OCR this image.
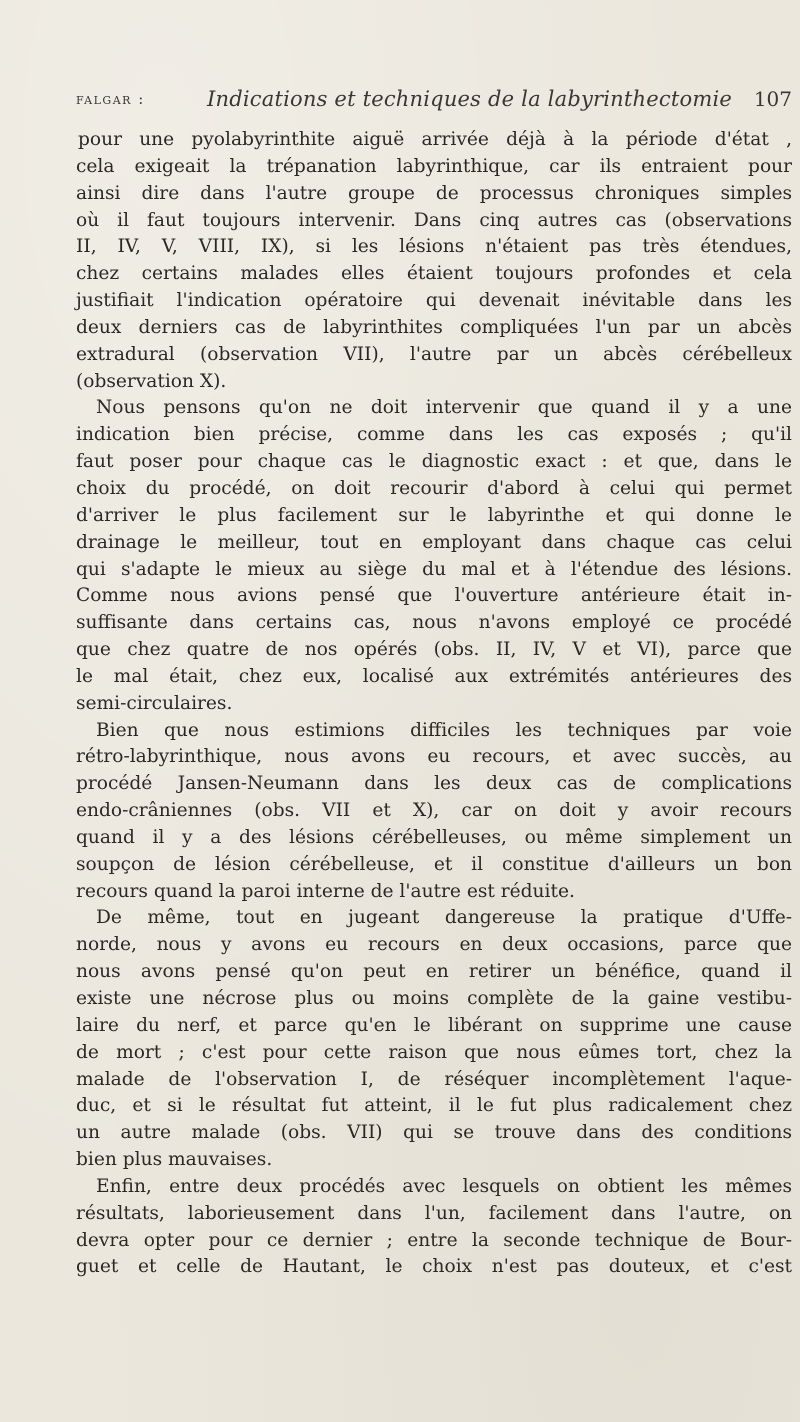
falgar :	Indications et techniques de la labyrinthectomie 107
pour une pyolabyrinthite aiguë arrivée déjà à la période d'état ,
cela exigeait la trépanation labyrinthique, car ils entraient pour
ainsi dire dans l'autre groupe de processus chroniques simples
où il faut toujours intervenir. Dans cinq autres cas (observations
II, IV, V, VIII, IX), si les lésions n'étaient pas très étendues,
chez certains malades elles étaient toujours profondes et cela
justifiait l'indication opératoire qui devenait inévitable dans les
deux derniers cas de labyrinthites compliquées l'un par un abcès
extradural (observation VII), l'autre par un abcès cérébelleux
(observation X).
Nous pensons qu'on ne doit intervenir que quand il y a une
indication bien précise, comme dans les cas exposés ; qu'il
faut poser pour chaque cas le diagnostic exact : et que, dans le
choix du procédé, on doit recourir d'abord à celui qui permet
d'arriver le plus facilement sur le labyrinthe et qui donne le
drainage le meilleur, tout en employant dans chaque cas celui
qui s'adapte le mieux au siège du mal et à l'étendue des lésions.
Comme nous avions pensé que l'ouverture antérieure était in-
suffisante dans certains cas, nous n'avons employé ce procédé
que chez quatre de nos opérés (obs. II, IV, V et VI), parce que
le mal était, chez eux, localisé aux extrémités antérieures des
semi-circulaires.
Bien que nous estimions difficiles les techniques par voie
rétro-labyrinthique, nous avons eu recours, et avec succès, au
procédé Jansen-Neumann dans les deux cas de complications
endo-crâniennes (obs. VII et X), car on doit y avoir recours
quand il y a des lésions cérébelleuses, ou même simplement un
soupçon de lésion cérébelleuse, et il constitue d'ailleurs un bon
recours quand la paroi interne de l'autre est réduite.
De même, tout en jugeant dangereuse la pratique d'Uffe-
norde, nous y avons eu recours en deux occasions, parce que
nous avons pensé qu'on peut en retirer un bénéfice, quand il
existe une nécrose plus ou moins complète de la gaine vestibu-
laire du nerf, et parce qu'en le libérant on supprime une cause
de mort ; c'est pour cette raison que nous eûmes tort, chez la
malade de l'observation I, de réséquer incomplètement l'aque-
duc, et si le résultat fut atteint, il le fut plus radicalement chez
un autre malade (obs. VII) qui se trouve dans des conditions
bien plus mauvaises.
Enfin, entre deux procédés avec lesquels on obtient les mêmes
résultats, laborieusement dans l'un, facilement dans l'autre, on
devra opter pour ce dernier ; entre la seconde technique de Bour-
guet et celle de Hautant, le choix n'est pas douteux, et c'est
